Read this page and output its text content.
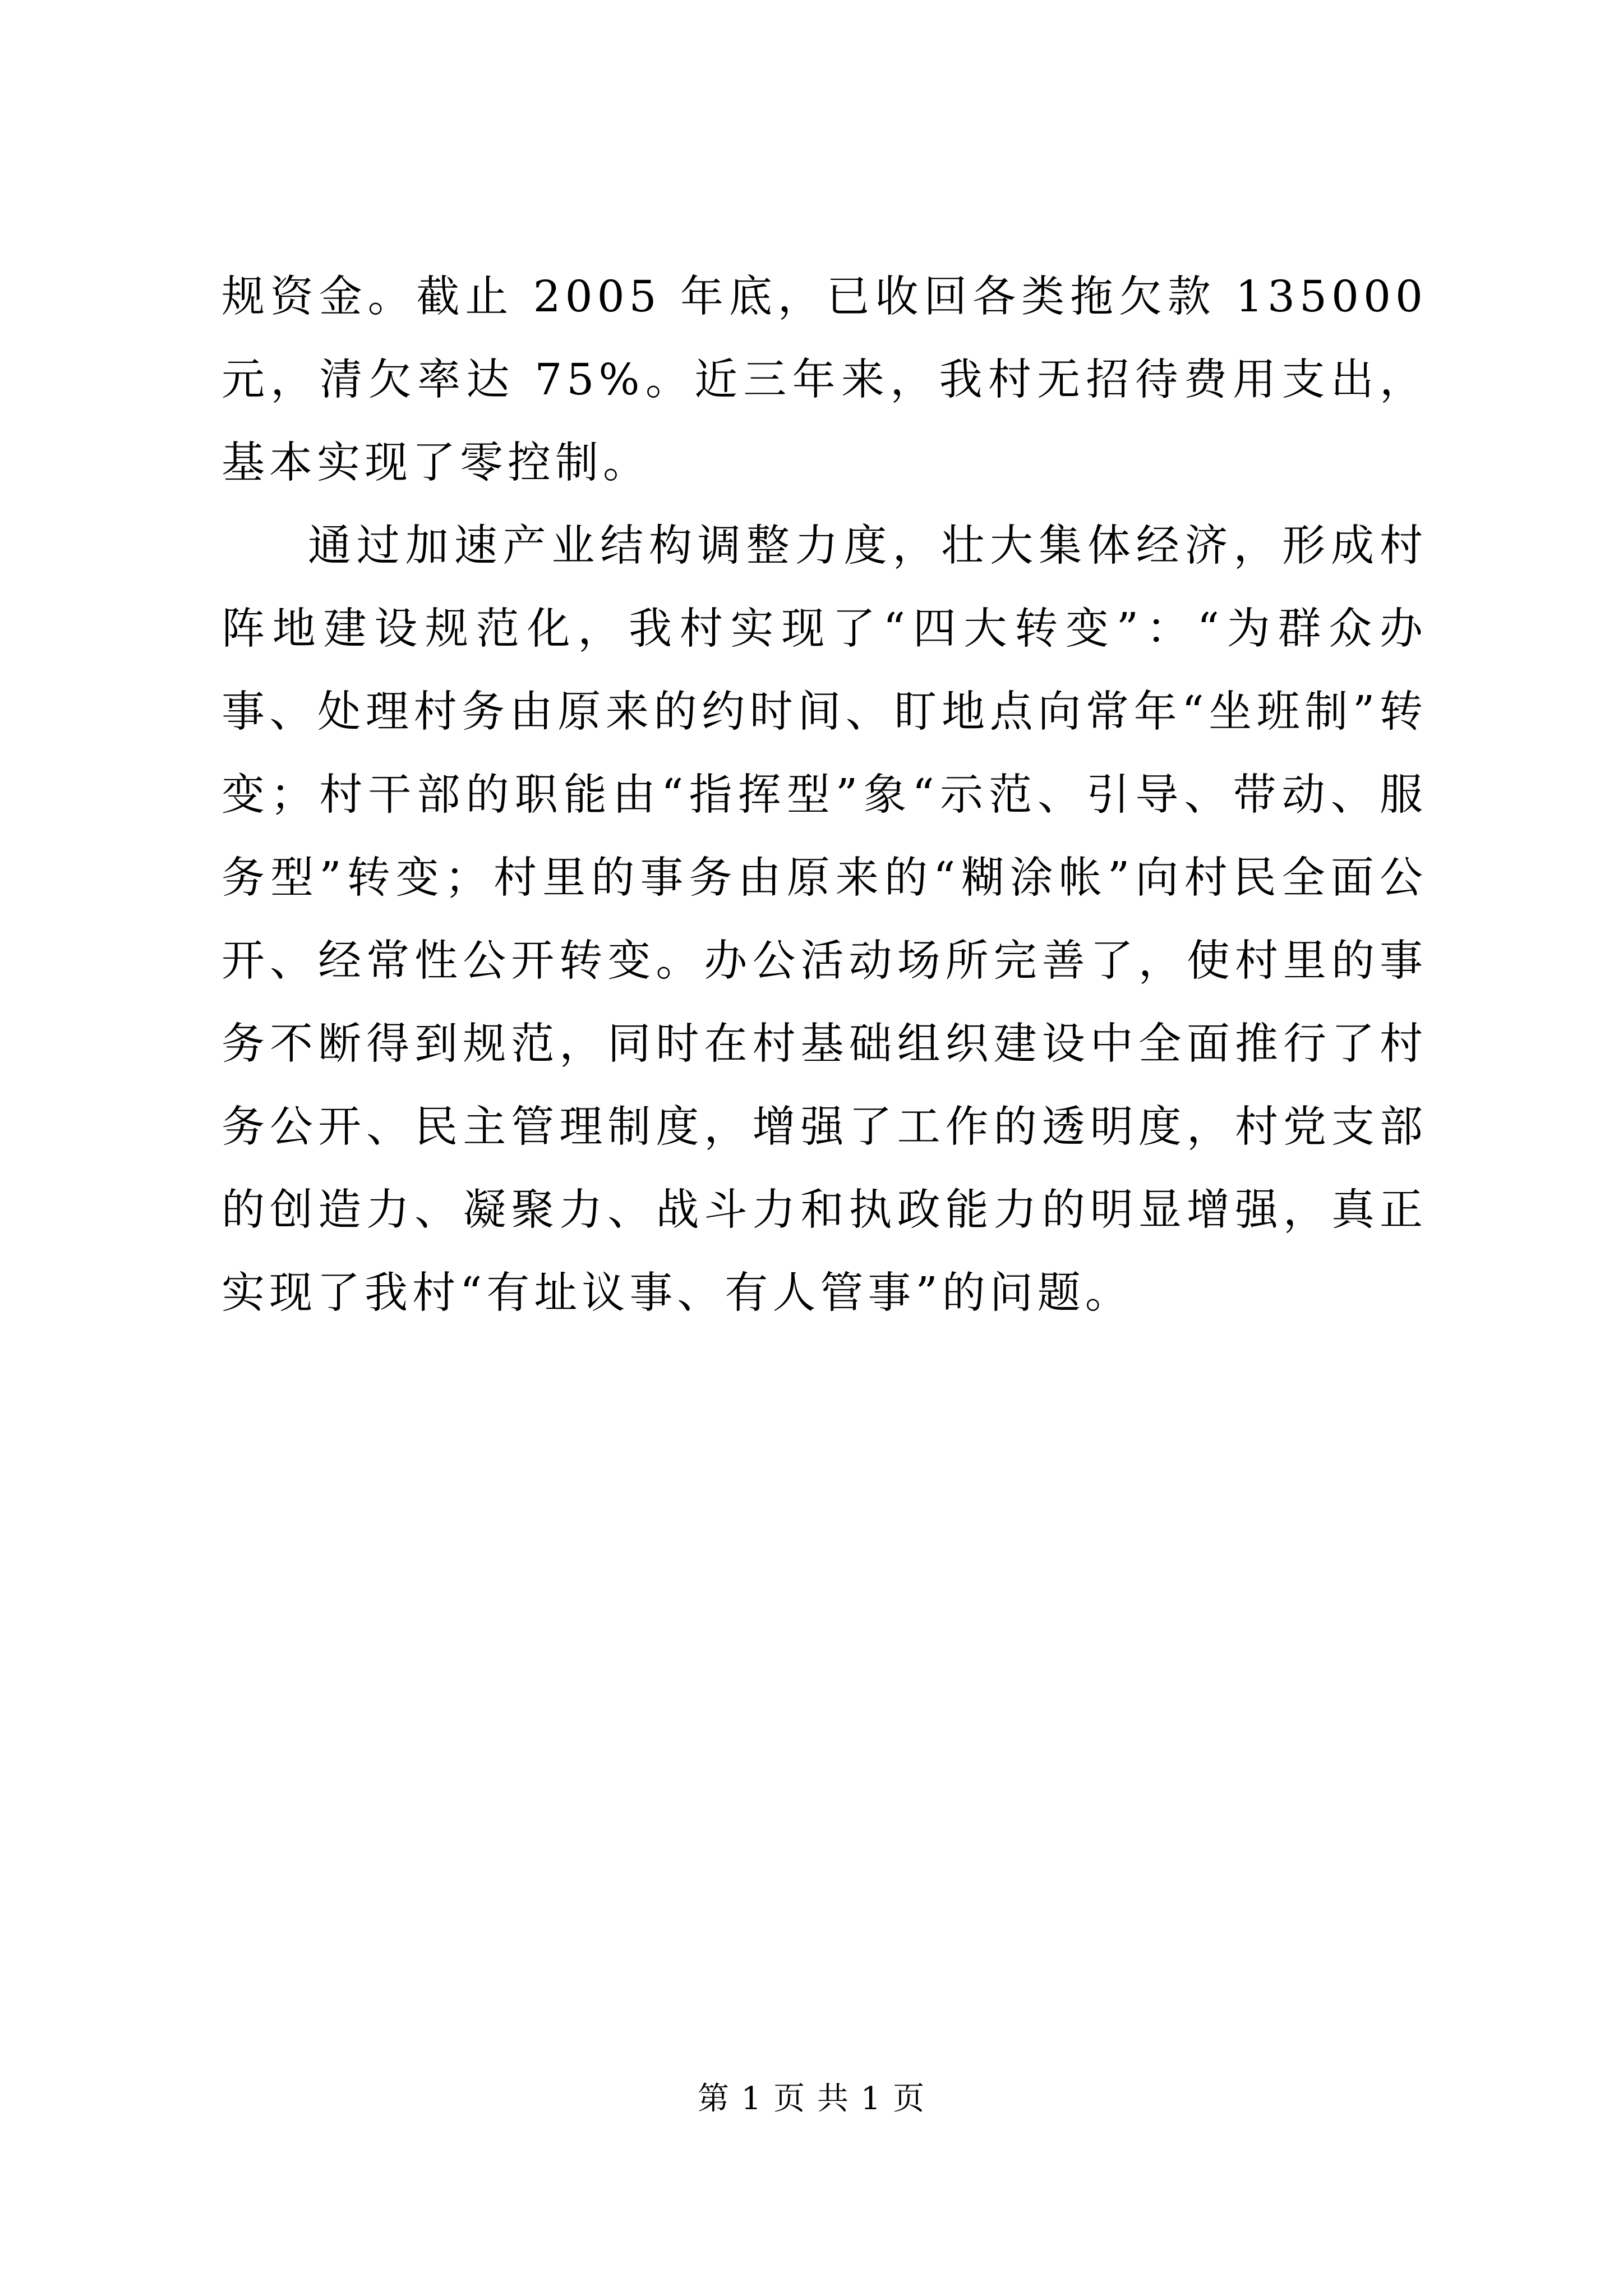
规资金。截止 2005 年底，已收回各类拖欠款 135000 元，清欠率达 75%。近三年来，我村无招待费用支出，基本实现了零控制。

通过加速产业结构调整力度，壮大集体经济，形成村阵地建设规范化，我村实现了“四大转变”：“为群众办事、处理村务由原来的约时间、盯地点向常年“坐班制”转变；村干部的职能由“指挥型”象“示范、引导、带动、服务型”转变；村里的事务由原来的“糊涂帐”向村民全面公开、经常性公开转变。办公活动场所完善了，使村里的事务不断得到规范，同时在村基础组织建设中全面推行了村务公开、民主管理制度，增强了工作的透明度，村党支部的创造力、凝聚力、战斗力和执政能力的明显增强，真正实现了我村“有址议事、有人管事”的问题。

第 1 页 共 1 页
